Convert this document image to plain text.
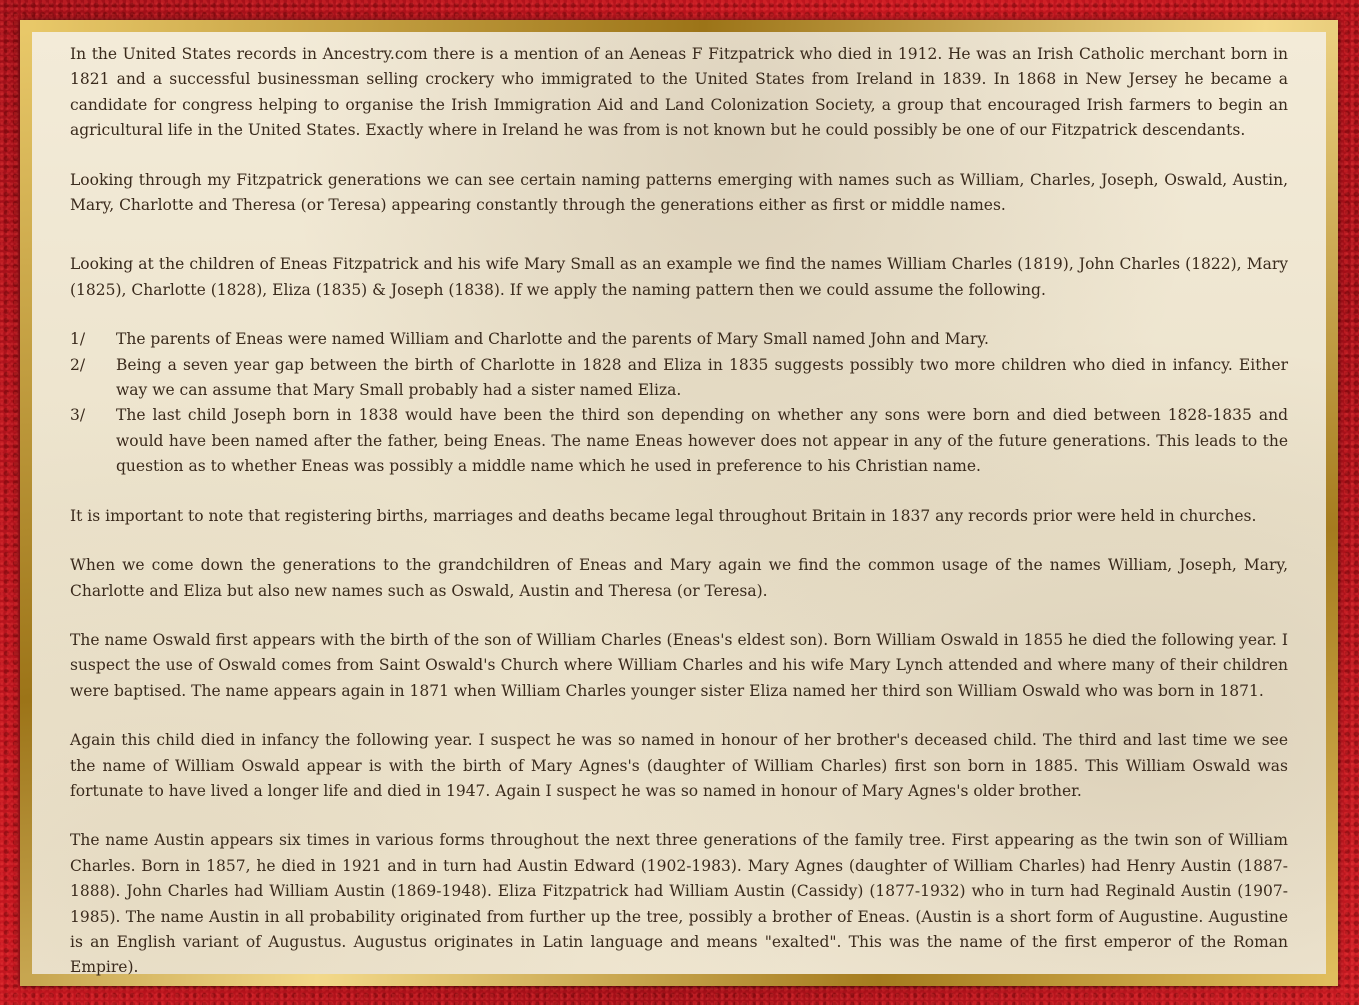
In the United States records in Ancestry.com there is a mention of an Aeneas F Fitzpatrick who died in 1912. He was an Irish Catholic merchant born in 1821 and a successful businessman selling crockery who immigrated to the United States from Ireland in 1839. In 1868 in New Jersey he became a candidate for congress helping to organise the Irish Immigration Aid and Land Colonization Society, a group that encouraged Irish farmers to begin an agricultural life in the United States. Exactly where in Ireland he was from is not known but he could possibly be one of our Fitzpatrick descendants.

Looking through my Fitzpatrick generations we can see certain naming patterns emerging with names such as William, Charles, Joseph, Oswald, Austin, Mary, Charlotte and Theresa (or Teresa) appearing constantly through the generations either as first or middle names.

Looking at the children of Eneas Fitzpatrick and his wife Mary Small as an example we find the names William Charles (1819), John Charles (1822), Mary (1825), Charlotte (1828), Eliza (1835) & Joseph (1838). If we apply the naming pattern then we could assume the following.

1/	The parents of Eneas were named William and Charlotte and the parents of Mary Small named John and Mary.
2/	Being a seven year gap between the birth of Charlotte in 1828 and Eliza in 1835 suggests possibly two more children who died in infancy. Either way we can assume that Mary Small probably had a sister named Eliza.
3/	The last child Joseph born in 1838 would have been the third son depending on whether any sons were born and died between 1828-1835 and would have been named after the father, being Eneas. The name Eneas however does not appear in any of the future generations. This leads to the question as to whether Eneas was possibly a middle name which he used in preference to his Christian name.

It is important to note that registering births, marriages and deaths became legal throughout Britain in 1837 any records prior were held in churches.

When we come down the generations to the grandchildren of Eneas and Mary again we find the common usage of the names William, Joseph, Mary, Charlotte and Eliza but also new names such as Oswald, Austin and Theresa (or Teresa).

The name Oswald first appears with the birth of the son of William Charles (Eneas's eldest son). Born William Oswald in 1855 he died the following year. I suspect the use of Oswald comes from Saint Oswald's Church where William Charles and his wife Mary Lynch attended and where many of their children were baptised. The name appears again in 1871 when William Charles younger sister Eliza named her third son William Oswald who was born in 1871.

Again this child died in infancy the following year. I suspect he was so named in honour of her brother's deceased child. The third and last time we see the name of William Oswald appear is with the birth of Mary Agnes's (daughter of William Charles) first son born in 1885. This William Oswald was fortunate to have lived a longer life and died in 1947. Again I suspect he was so named in honour of Mary Agnes's older brother.

The name Austin appears six times in various forms throughout the next three generations of the family tree. First appearing as the twin son of William Charles. Born in 1857, he died in 1921 and in turn had Austin Edward (1902-1983). Mary Agnes (daughter of William Charles) had Henry Austin (1887-1888). John Charles had William Austin (1869-1948). Eliza Fitzpatrick had William Austin (Cassidy) (1877-1932) who in turn had Reginald Austin (1907-1985). The name Austin in all probability originated from further up the tree, possibly a brother of Eneas. (Austin is a short form of Augustine. Augustine is an English variant of Augustus. Augustus originates in Latin language and means "exalted". This was the name of the first emperor of the Roman Empire).
